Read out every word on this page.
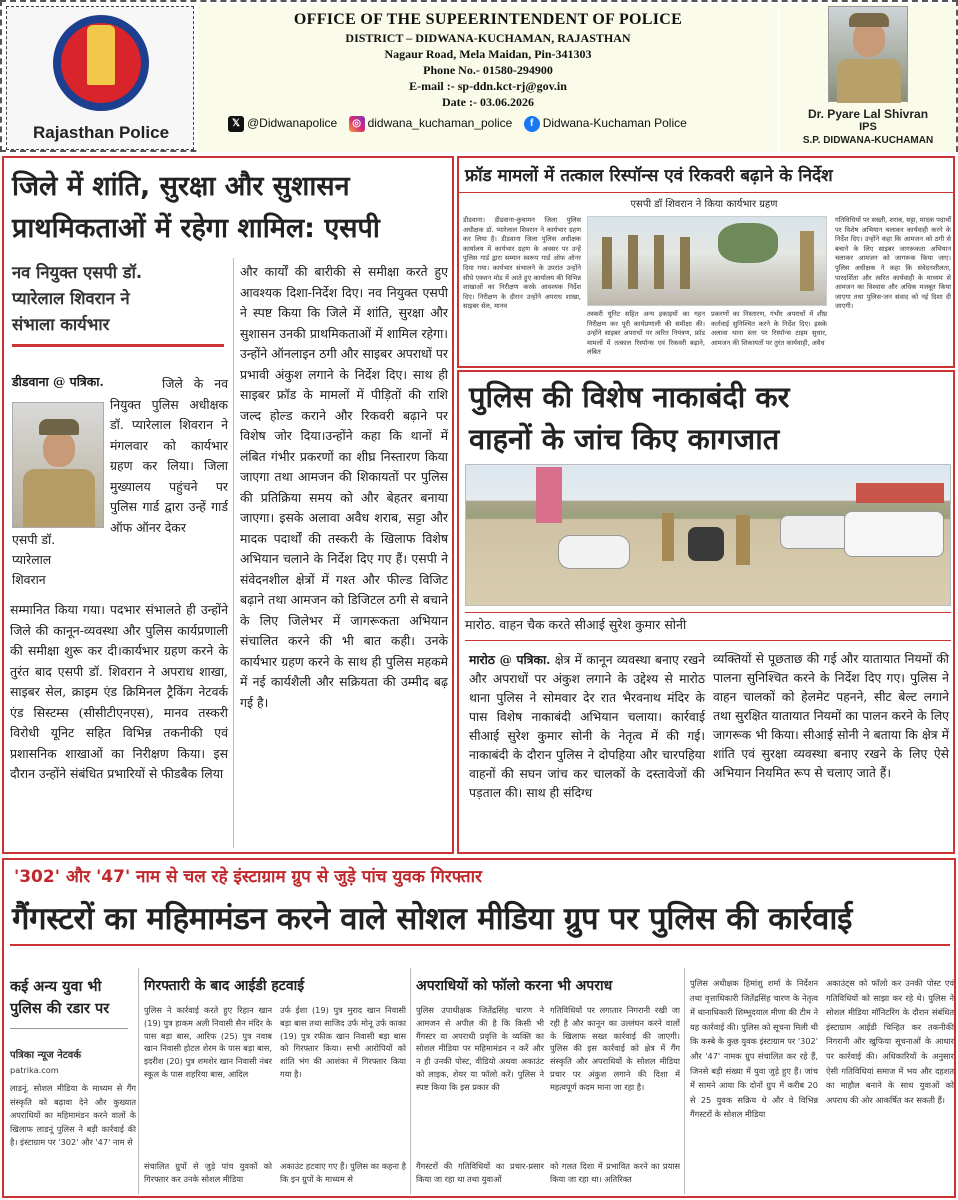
Rajasthan Police
OFFICE OF THE SUPEERINTENDENT OF POLICE
DISTRICT – DIDWANA-KUCHAMAN, RAJASTHAN
Nagaur Road, Mela Maidan, Pin-341303
Phone No.- 01580-294900
E-mail :- sp-ddn.kct-rj@gov.in
Date :- 03.06.2026
𝕏 @Didwanapolice ◎ didwana_kuchaman_police f Didwana-Kuchaman Police
Dr. Pyare Lal Shivran
IPS
S.P. DIDWANA-KUCHAMAN
जिले में शांति, सुरक्षा और सुशासन
प्राथमिकताओं में रहेगा शामिल: एसपी
नव नियुक्त एसपी डॉ.
प्यारेलाल शिवरान ने
संभाला कार्यभार
डीडवाना @ पत्रिका.
एसपी डॉ.
प्यारेलाल
शिवरान
जिले के नव नियुक्त पुलिस अधीक्षक डॉ. प्यारेलाल शिवरान ने मंगलवार को कार्यभार ग्रहण कर लिया। जिला मुख्यालय पहुंचने पर पुलिस गार्ड द्वारा उन्हें गार्ड ऑफ ऑनर देकर
सम्मानित किया गया। पदभार संभालते ही उन्होंने जिले की कानून-व्यवस्था और पुलिस कार्यप्रणाली की समीक्षा शुरू कर दी।कार्यभार ग्रहण करने के तुरंत बाद एसपी डॉ. शिवरान ने अपराध शाखा, साइबर सेल, क्राइम एंड क्रिमिनल ट्रैकिंग नेटवर्क एंड सिस्टम्स (सीसीटीएनएस), मानव तस्करी विरोधी यूनिट सहित विभिन्न तकनीकी एवं प्रशासनिक शाखाओं का निरीक्षण किया। इस दौरान उन्होंने संबंधित प्रभारियों से फीडबैक लिया
और कार्यों की बारीकी से समीक्षा करते हुए आवश्यक दिशा-निर्देश दिए। नव नियुक्त एसपी ने स्पष्ट किया कि जिले में शांति, सुरक्षा और सुशासन उनकी प्राथमिकताओं में शामिल रहेगा। उन्होंने ऑनलाइन ठगी और साइबर अपराधों पर प्रभावी अंकुश लगाने के निर्देश दिए। साथ ही साइबर फ्रॉड के मामलों में पीड़ितों की राशि जल्द होल्ड कराने और रिकवरी बढ़ाने पर विशेष जोर दिया।उन्होंने कहा कि थानों में लंबित गंभीर प्रकरणों का शीघ्र निस्तारण किया जाएगा तथा आमजन की शिकायतों पर पुलिस की प्रतिक्रिया समय को और बेहतर बनाया जाएगा। इसके अलावा अवैध शराब, सट्टा और मादक पदार्थों की तस्करी के खिलाफ विशेष अभियान चलाने के निर्देश दिए गए हैं। एसपी ने संवेदनशील क्षेत्रों में गश्त और फील्ड विजिट बढ़ाने तथा आमजन को डिजिटल ठगी से बचाने के लिए जिलेभर में जागरूकता अभियान संचालित करने की भी बात कही। उनके कार्यभार ग्रहण करने के साथ ही पुलिस महकमे में नई कार्यशैली और सक्रियता की उम्मीद बढ़ गई है।
फ्रॉड मामलों में तत्काल रिस्पॉन्स एवं रिकवरी बढ़ाने के निर्देश
एसपी डॉ शिवरान ने किया कार्यभार ग्रहण
डीडवाना। डीडवाना-कुचामन जिला पुलिस अधीक्षक डॉ. प्यारेलाल शिवरान ने कार्यभार ग्रहण कर लिया है। डीडवाना जिला पुलिस अधीक्षक कार्यालय में कार्यभार ग्रहण के अवसर पर उन्हें पुलिस गार्ड द्वारा सम्मान स्वरूप गार्ड ऑफ ऑनर दिया गया। कार्यभार संभालने के उपरांत उन्होंने सीधे एक्शन मोड में आते हुए कार्यालय की विभिन्न शाखाओं का निरीक्षण करके आवश्यक निर्देश दिए। निरीक्षण के दौरान उन्होंने अपराध शाखा, साइबर सेल, मानव
तस्करी यूनिट सहित अन्य इकाइयों का गहन निरीक्षण कर पूरी कार्यप्रणाली की समीक्षा की। उन्होंने साइबर अपराधों पर त्वरित नियंत्रण, फ्रॉड मामलों में तत्काल रिस्पॉन्स एवं रिकवरी बढ़ाने, लंबित
प्रकरणों का निस्तारण, गंभीर अपराधों में शीघ्र कार्रवाई सुनिश्चित करने के निर्देश दिए। इसके अलावा थाना स्तर पर रिस्पॉन्स टाइम सुधार, आमजन की शिकायतों पर तुरंत कार्यवाही, अवैध
गतिविधियों पर सख्ती, शराब, सट्टा, मादक पदार्थों पर विशेष अभियान चलाकर कार्यवाही करने के निर्देश दिए। उन्होंने कहा कि आमजन को ठगी से बचाने के लिए साइबर जागरूकता अभियान चलाकर आमजन को जागरूक किया जाए। पुलिस अधीक्षक ने कहा कि संवेदनशीलता, पारदर्शिता और त्वरित कार्यवाही के माध्यम से आमजन का विश्वास और अधिक मजबूत किया जाएगा तथा पुलिस-जन संवाद को नई दिशा दी जाएगी।
पुलिस की विशेष नाकाबंदी कर
वाहनों के जांच किए कागजात
मारोठ. वाहन चैक करते सीआई सुरेश कुमार सोनी
मारोठ @ पत्रिका. क्षेत्र में कानून व्यवस्था बनाए रखने और अपराधों पर अंकुश लगाने के उद्देश्य से मारोठ थाना पुलिस ने सोमवार देर रात भैरवनाथ मंदिर के पास विशेष नाकाबंदी अभियान चलाया। कार्रवाई सीआई सुरेश कुमार सोनी के नेतृत्व में की गई। नाकाबंदी के दौरान पुलिस ने दोपहिया और चारपहिया वाहनों की सघन जांच कर चालकों के दस्तावेजों की पड़ताल की। साथ ही संदिग्ध
व्यक्तियों से पूछताछ की गई और यातायात नियमों की पालना सुनिश्चित करने के निर्देश दिए गए। पुलिस ने वाहन चालकों को हेलमेट पहनने, सीट बेल्ट लगाने तथा सुरक्षित यातायात नियमों का पालन करने के लिए जागरूक भी किया। सीआई सोनी ने बताया कि क्षेत्र में शांति एवं सुरक्षा व्यवस्था बनाए रखने के लिए ऐसे अभियान नियमित रूप से चलाए जाते हैं।
'302' और '47' नाम से चल रहे इंस्टाग्राम ग्रुप से जुड़े पांच युवक गिरफ्तार
गैंगस्टरों का महिमामंडन करने वाले सोशल मीडिया ग्रुप पर पुलिस की कार्रवाई
कई अन्य युवा भी पुलिस की रडार पर
पत्रिका न्यूज नेटवर्क
patrika.com
लाडनूं. सोशल मीडिया के माध्यम से गैंग संस्कृति को बढ़ावा देने और कुख्यात अपराधियों का महिमामंडन करने वालों के खिलाफ लाडनूं पुलिस ने बड़ी कार्रवाई की है। इंस्टाग्राम पर '302' और '47' नाम से
गिरफ्तारी के बाद आईडी हटवाई
पुलिस ने कार्रवाई करते हुए रिहान खान (19) पुत्र हाकम अली निवासी सैन मंदिर के पास बड़ा बास, आरिफ (25) पुत्र नवाब खान निवासी होटल शेरम के पास बड़ा बास, इदरीश (20) पुत्र शमशेर खान निवासी नंबर स्कूल के पास शहरिया बास, आदिल
उर्फ ईशा (19) पुत्र मुराद खान निवासी बड़ा बास तथा साजिद उर्फ मोनू उर्फ काका (19) पुत्र रफीक खान निवासी बड़ा बास को गिरफ्तार किया। सभी आरोपियों को शांति भंग की आशंका में गिरफ्तार किया गया है।
संचालित ग्रुपों से जुड़े पांच युवकों को गिरफ्तार कर उनके सोशल मीडिया
अकाउंट हटवाए गए हैं। पुलिस का कहना है कि इन ग्रुपों के माध्यम से
अपराधियों को फॉलो करना भी अपराध
पुलिस उपाधीक्षक जितेंद्रसिंह चारण ने आमजन से अपील की है कि किसी भी गैंगस्टर या अपराधी प्रवृत्ति के व्यक्ति का सोशल मीडिया पर महिमामंडन न करें और न ही उनकी पोस्ट, वीडियो अथवा अकाउंट को लाइक, शेयर या फॉलो करें। पुलिस ने स्पष्ट किया कि इस प्रकार की
गतिविधियों पर लगातार निगरानी रखी जा रही है और कानून का उल्लंघन करने वालों के खिलाफ सख्त कार्रवाई की जाएगी। पुलिस की इस कार्रवाई को क्षेत्र में गैंग संस्कृति और अपराधियों के सोशल मीडिया प्रचार पर अंकुश लगाने की दिशा में महत्वपूर्ण कदम माना जा रहा है।
गैंगस्टरों की गतिविधियों का प्रचार-प्रसार किया जा रहा था तथा युवाओं
को गलत दिशा में प्रभावित करने का प्रयास किया जा रहा था। अतिरिक्त
पुलिस अधीक्षक हिमांशु शर्मा के निर्देशन तथा वृत्ताधिकारी जितेंद्रसिंह चारण के नेतृत्व में थानाधिकारी शिम्भूदयाल मीणा की टीम ने यह कार्रवाई की। पुलिस को सूचना मिली थी कि कस्बे के कुछ युवक इंस्टाग्राम पर '302' और '47' नामक ग्रुप संचालित कर रहे हैं, जिनसे बड़ी संख्या में युवा जुड़े हुए हैं। जांच में सामने आया कि दोनों ग्रुप में करीब 20 से 25 युवक सक्रिय थे और वे विभिन्न गैंगस्टरों के सोशल मीडिया
अकाउंट्स को फॉलो कर उनकी पोस्ट एवं गतिविधियों को साझा कर रहे थे। पुलिस ने सोशल मीडिया मॉनिटरिंग के दौरान संबंधित इंस्टाग्राम आईडी चिन्हित कर तकनीकी निगरानी और खुफिया सूचनाओं के आधार पर कार्रवाई की। अधिकारियों के अनुसार ऐसी गतिविधियां समाज में भय और दहशत का माहौल बनाने के साथ युवाओं को अपराध की ओर आकर्षित कर सकती हैं।
